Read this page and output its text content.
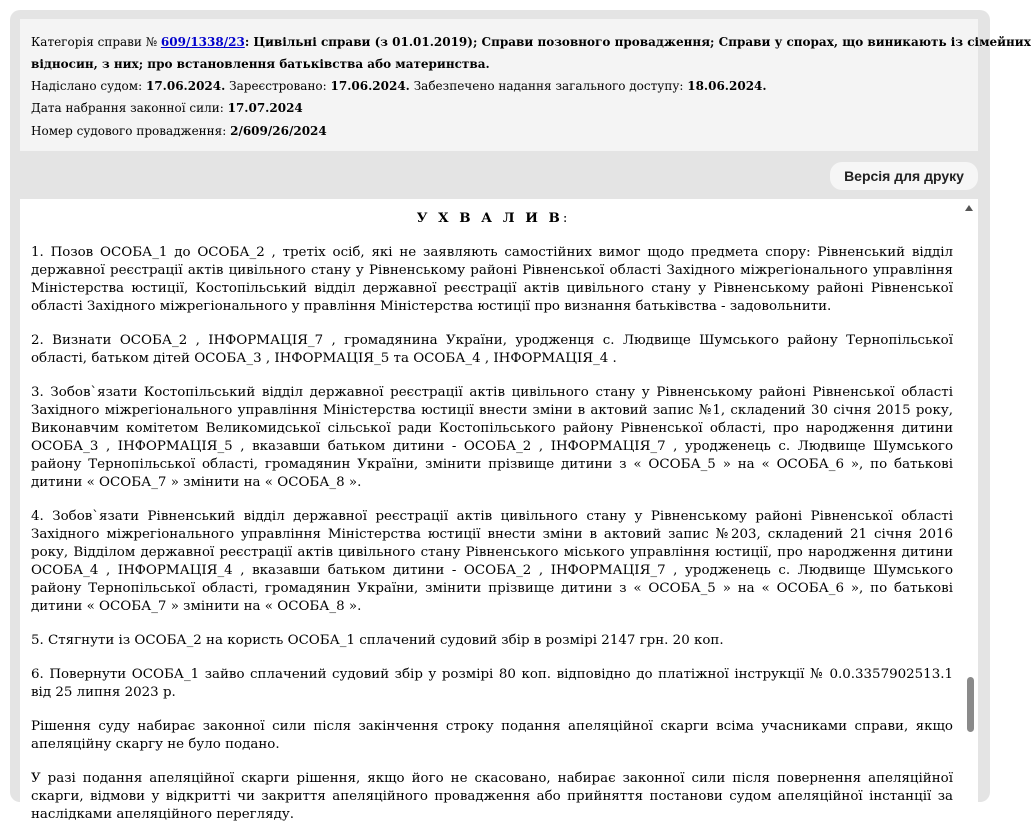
Категорія справи № 609/1338/23: Цивільні справи (з 01.01.2019); Справи позовного провадження; Справи у спорах, що виникають із сімейних
відносин, з них; про встановлення батьківства або материнства.
Надіслано судом: 17.06.2024. Зареєстровано: 17.06.2024. Забезпечено надання загального доступу: 18.06.2024.
Дата набрання законної сили: 17.07.2024
Номер судового провадження: 2/609/26/2024
Версія для друку
У Х В А Л И В:

1. Позов ОСОБА_1 до ОСОБА_2 , третіх осіб, які не заявляють самостійних вимог щодо предмета спору: Рівненський відділ державної реєстрації актів цивільного стану у Рівненському районі Рівненської області Західного міжрегіонального управління Міністерства юстиції, Костопільський відділ державної реєстрації актів цивільного стану у Рівненському районі Рівненської області Західного міжрегіонального у правління Міністерства юстиції про визнання батьківства - задовольнити.

2. Визнати ОСОБА_2 , ІНФОРМАЦІЯ_7 , громадянина України, уродженця с. Людвище Шумського району Тернопільської області, батьком дітей ОСОБА_3 , ІНФОРМАЦІЯ_5 та ОСОБА_4 , ІНФОРМАЦІЯ_4 .

3. Зобов`язати Костопільський відділ державної реєстрації актів цивільного стану у Рівненському районі Рівненської області Західного міжрегіонального управління Міністерства юстиції внести зміни в актовий запис №1, складений 30 січня 2015 року, Виконавчим комітетом Великомидської сільської ради Костопільського району Рівненської області, про народження дитини ОСОБА_3 , ІНФОРМАЦІЯ_5 , вказавши батьком дитини - ОСОБА_2 , ІНФОРМАЦІЯ_7 , уродженець с. Людвище Шумського району Тернопільської області, громадянин України, змінити прізвище дитини з « ОСОБА_5 » на « ОСОБА_6 », по батькові дитини « ОСОБА_7 » змінити на « ОСОБА_8 ».

4. Зобов`язати Рівненський відділ державної реєстрації актів цивільного стану у Рівненському районі Рівненської області Західного міжрегіонального управління Міністерства юстиції внести зміни в актовий запис №203, складений 21 січня 2016 року, Відділом державної реєстрації актів цивільного стану Рівненського міського управління юстиції, про народження дитини ОСОБА_4 , ІНФОРМАЦІЯ_4 , вказавши батьком дитини - ОСОБА_2 , ІНФОРМАЦІЯ_7 , уродженець с. Людвище Шумського району Тернопільської області, громадянин України, змінити прізвище дитини з « ОСОБА_5 » на « ОСОБА_6 », по батькові дитини « ОСОБА_7 » змінити на « ОСОБА_8 ».

5. Стягнути із ОСОБА_2 на користь ОСОБА_1 сплачений судовий збір в розмірі 2147 грн. 20 коп.

6. Повернути ОСОБА_1 зайво сплачений судовий збір у розмірі 80 коп. відповідно до платіжної інструкції № 0.0.3357902513.1 від 25 липня 2023 р.

Рішення суду набирає законної сили після закінчення строку подання апеляційної скарги всіма учасниками справи, якщо апеляційну скаргу не було подано.

У разі подання апеляційної скарги рішення, якщо його не скасовано, набирає законної сили після повернення апеляційної скарги, відмови у відкритті чи закриття апеляційного провадження або прийняття постанови судом апеляційної інстанції за наслідками апеляційного перегляду.
